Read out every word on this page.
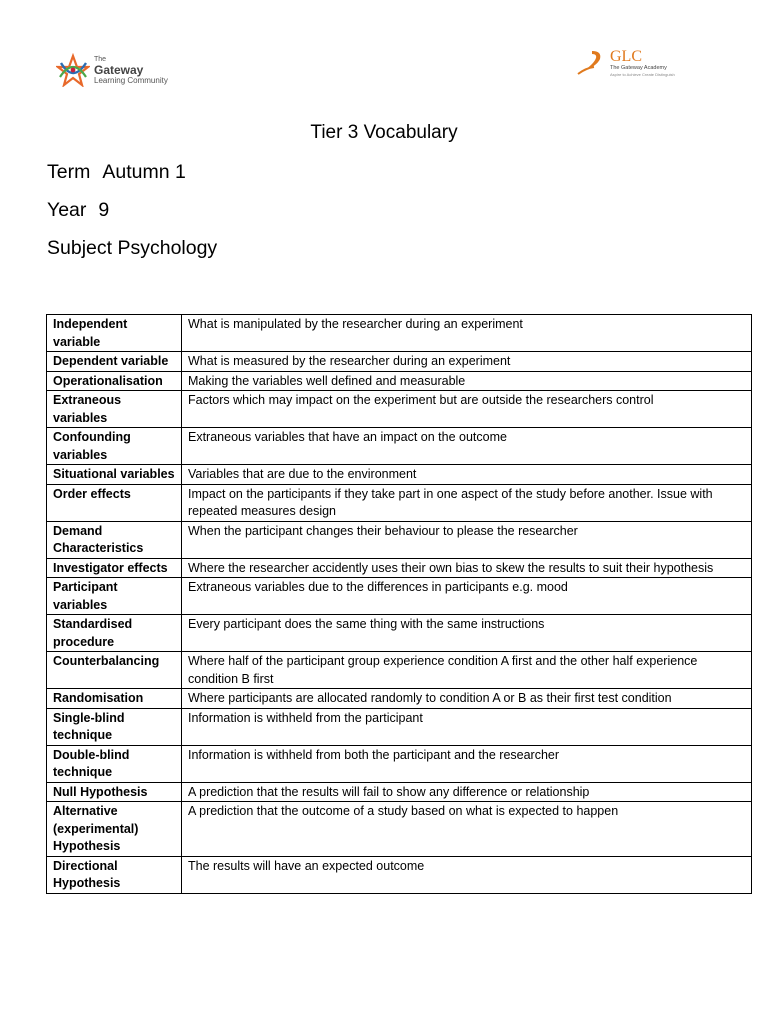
The
Gateway
Learning Community
GLC
The Gateway Academy
Aspire to Achieve Create Distinguish
Tier 3 Vocabulary
Term Autumn 1
Year 9
Subject Psychology
Independent variable	What is manipulated by the researcher during an experiment
Dependent variable	What is measured by the researcher during an experiment
Operationalisation	Making the variables well defined and measurable
Extraneous variables	Factors which may impact on the experiment but are outside the researchers control
Confounding variables	Extraneous variables that have an impact on the outcome
Situational variables	Variables that are due to the environment
Order effects	Impact on the participants if they take part in one aspect of the study before another. Issue with repeated measures design
Demand Characteristics	When the participant changes their behaviour to please the researcher
Investigator effects	Where the researcher accidently uses their own bias to skew the results to suit their hypothesis
Participant variables	Extraneous variables due to the differences in participants e.g. mood
Standardised procedure	Every participant does the same thing with the same instructions
Counterbalancing	Where half of the participant group experience condition A first and the other half experience condition B first
Randomisation	Where participants are allocated randomly to condition A or B as their first test condition
Single-blind technique	Information is withheld from the participant
Double-blind technique	Information is withheld from both the participant and the researcher
Null Hypothesis	A prediction that the results will fail to show any difference or relationship
Alternative (experimental) Hypothesis	A prediction that the outcome of a study based on what is expected to happen
Directional Hypothesis	The results will have an expected outcome
